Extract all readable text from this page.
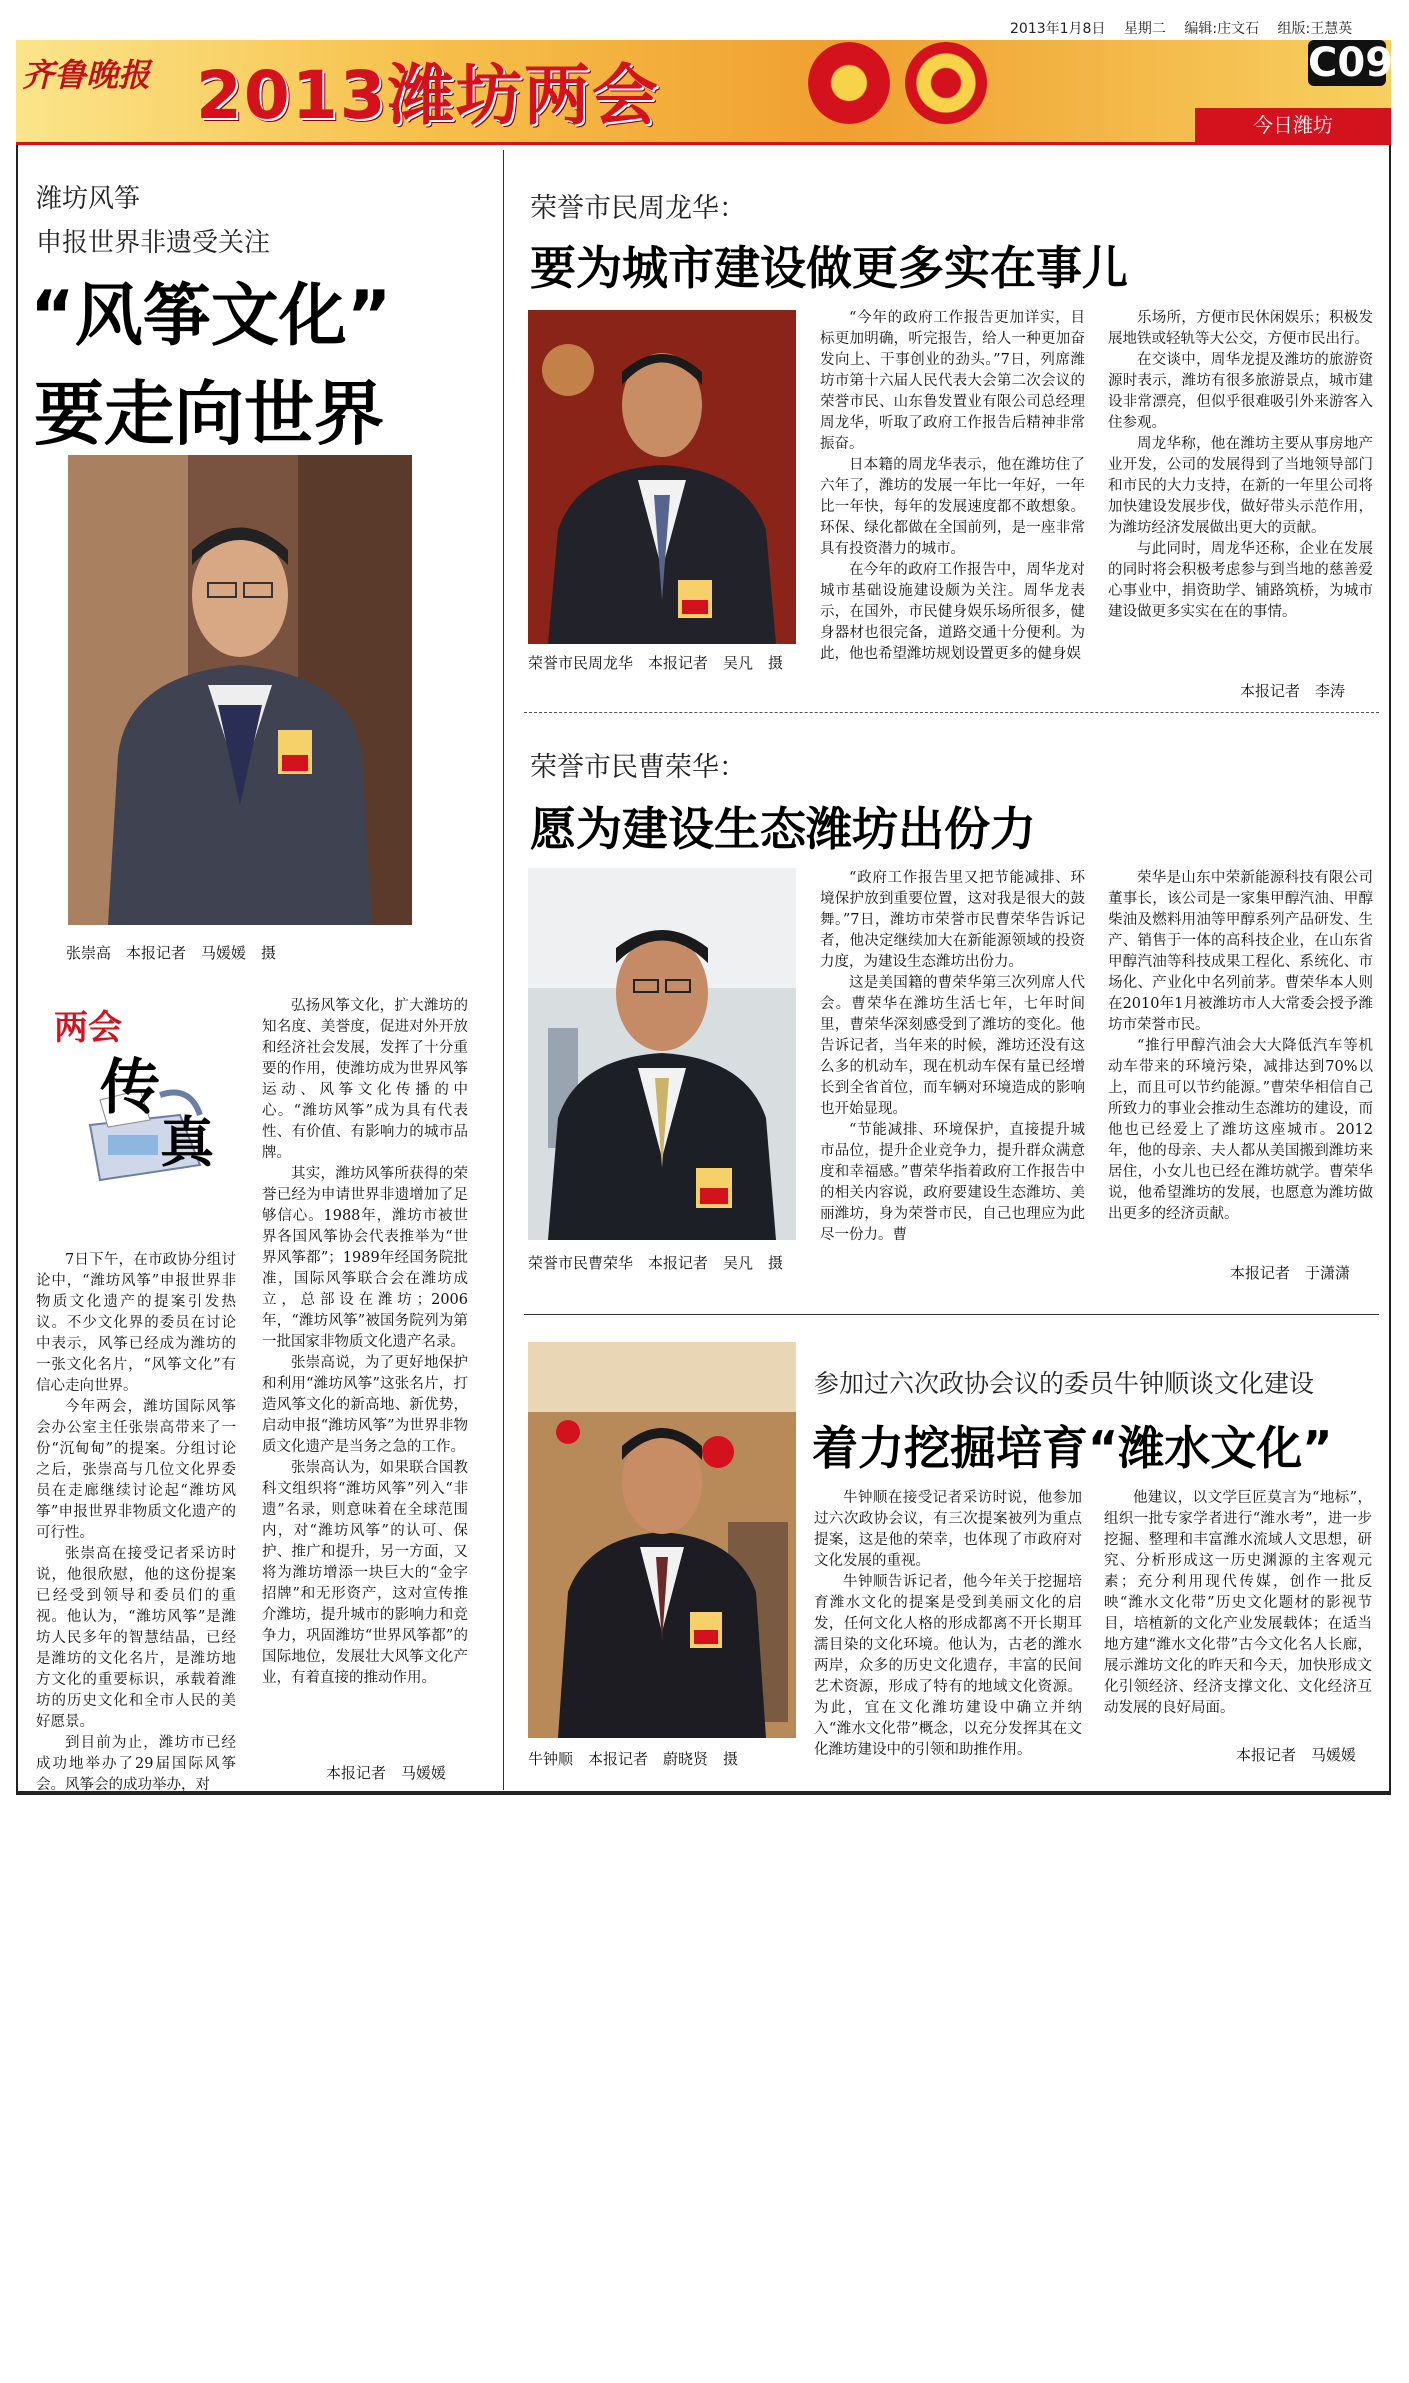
2013年1月8日 星期二 编辑:庄文石 组版:王慧英
齐鲁晚报 2013潍坊两会	C09
今日潍坊
潍坊风筝
申报世界非遗受关注
“风筝文化”
要走向世界
张崇高　本报记者　马媛媛　摄
两会
传
真

7日下午，在市政协分组讨论中，“潍坊风筝”申报世界非物质文化遗产的提案引发热议。不少文化界的委员在讨论中表示，风筝已经成为潍坊的一张文化名片，“风筝文化”有信心走向世界。

今年两会，潍坊国际风筝会办公室主任张崇高带来了一份“沉甸甸”的提案。分组讨论之后，张崇高与几位文化界委员在走廊继续讨论起“潍坊风筝”申报世界非物质文化遗产的可行性。

张崇高在接受记者采访时说，他很欣慰，他的这份提案已经受到领导和委员们的重视。他认为，“潍坊风筝”是潍坊人民多年的智慧结晶，已经是潍坊的文化名片，是潍坊地方文化的重要标识，承载着潍坊的历史文化和全市人民的美好愿景。

到目前为止，潍坊市已经成功地举办了29届国际风筝会。风筝会的成功举办，对

弘扬风筝文化，扩大潍坊的知名度、美誉度，促进对外开放和经济社会发展，发挥了十分重要的作用，使潍坊成为世界风筝运动、风筝文化传播的中心。“潍坊风筝”成为具有代表性、有价值、有影响力的城市品牌。

其实，潍坊风筝所获得的荣誉已经为申请世界非遗增加了足够信心。1988年，潍坊市被世界各国风筝协会代表推举为“世界风筝都”；1989年经国务院批准，国际风筝联合会在潍坊成立，总部设在潍坊；2006年，“潍坊风筝”被国务院列为第一批国家非物质文化遗产名录。

张崇高说，为了更好地保护和利用“潍坊风筝”这张名片，打造风筝文化的新高地、新优势，启动申报“潍坊风筝”为世界非物质文化遗产是当务之急的工作。

张崇高认为，如果联合国教科文组织将“潍坊风筝”列入“非遗”名录，则意味着在全球范围内，对“潍坊风筝”的认可、保护、推广和提升，另一方面，又将为潍坊增添一块巨大的“金字招牌”和无形资产，这对宣传推介潍坊，提升城市的影响力和竞争力，巩固潍坊“世界风筝都”的国际地位，发展壮大风筝文化产业，有着直接的推动作用。

本报记者　马媛媛
荣誉市民周龙华：
要为城市建设做更多实在事儿
荣誉市民周龙华　本报记者　吴凡　摄

“今年的政府工作报告更加详实，目标更加明确，听完报告，给人一种更加奋发向上、干事创业的劲头。”7日，列席潍坊市第十六届人民代表大会第二次会议的荣誉市民、山东鲁发置业有限公司总经理周龙华，听取了政府工作报告后精神非常振奋。

日本籍的周龙华表示，他在潍坊住了六年了，潍坊的发展一年比一年好，一年比一年快，每年的发展速度都不敢想象。环保、绿化都做在全国前列，是一座非常具有投资潜力的城市。

在今年的政府工作报告中，周华龙对城市基础设施建设颇为关注。周华龙表示，在国外，市民健身娱乐场所很多，健身器材也很完备，道路交通十分便利。为此，他也希望潍坊规划设置更多的健身娱

乐场所，方便市民休闲娱乐；积极发展地铁或轻轨等大公交，方便市民出行。

在交谈中，周华龙提及潍坊的旅游资源时表示，潍坊有很多旅游景点，城市建设非常漂亮，但似乎很难吸引外来游客入住参观。

周龙华称，他在潍坊主要从事房地产业开发，公司的发展得到了当地领导部门和市民的大力支持，在新的一年里公司将加快建设发展步伐，做好带头示范作用，为潍坊经济发展做出更大的贡献。

与此同时，周龙华还称，企业在发展的同时将会积极考虑参与到当地的慈善爱心事业中，捐资助学、铺路筑桥，为城市建设做更多实实在在的事情。

本报记者　李涛
荣誉市民曹荣华：
愿为建设生态潍坊出份力
荣誉市民曹荣华　本报记者　吴凡　摄

“政府工作报告里又把节能减排、环境保护放到重要位置，这对我是很大的鼓舞。”7日，潍坊市荣誉市民曹荣华告诉记者，他决定继续加大在新能源领域的投资力度，为建设生态潍坊出份力。

这是美国籍的曹荣华第三次列席人代会。曹荣华在潍坊生活七年，七年时间里，曹荣华深刻感受到了潍坊的变化。他告诉记者，当年来的时候，潍坊还没有这么多的机动车，现在机动车保有量已经增长到全省首位，而车辆对环境造成的影响也开始显现。

“节能减排、环境保护，直接提升城市品位，提升企业竞争力，提升群众满意度和幸福感。”曹荣华指着政府工作报告中的相关内容说，政府要建设生态潍坊、美丽潍坊，身为荣誉市民，自己也理应为此尽一份力。曹

荣华是山东中荣新能源科技有限公司董事长，该公司是一家集甲醇汽油、甲醇柴油及燃料用油等甲醇系列产品研发、生产、销售于一体的高科技企业，在山东省甲醇汽油等科技成果工程化、系统化、市场化、产业化中名列前茅。曹荣华本人则在2010年1月被潍坊市人大常委会授予潍坊市荣誉市民。

“推行甲醇汽油会大大降低汽车等机动车带来的环境污染，减排达到70%以上，而且可以节约能源。”曹荣华相信自己所致力的事业会推动生态潍坊的建设，而他也已经爱上了潍坊这座城市。2012年，他的母亲、夫人都从美国搬到潍坊来居住，小女儿也已经在潍坊就学。曹荣华说，他希望潍坊的发展，也愿意为潍坊做出更多的经济贡献。

本报记者　于潇潇
牛钟顺　本报记者　蔚晓贤　摄
参加过六次政协会议的委员牛钟顺谈文化建设
着力挖掘培育“潍水文化”

牛钟顺在接受记者采访时说，他参加过六次政协会议，有三次提案被列为重点提案，这是他的荣幸，也体现了市政府对文化发展的重视。

牛钟顺告诉记者，他今年关于挖掘培育潍水文化的提案是受到美丽文化的启发，任何文化人格的形成都离不开长期耳濡目染的文化环境。他认为，古老的潍水两岸，众多的历史文化遗存，丰富的民间艺术资源，形成了特有的地域文化资源。为此，宜在文化潍坊建设中确立并纳入“潍水文化带”概念，以充分发挥其在文化潍坊建设中的引领和助推作用。

他建议，以文学巨匠莫言为“地标”，组织一批专家学者进行“潍水考”，进一步挖掘、整理和丰富潍水流域人文思想，研究、分析形成这一历史渊源的主客观元素；充分利用现代传媒，创作一批反映“潍水文化带”历史文化题材的影视节目，培植新的文化产业发展载体；在适当地方建“潍水文化带”古今文化名人长廊，展示潍坊文化的昨天和今天，加快形成文化引领经济、经济支撑文化、文化经济互动发展的良好局面。

本报记者　马媛媛
